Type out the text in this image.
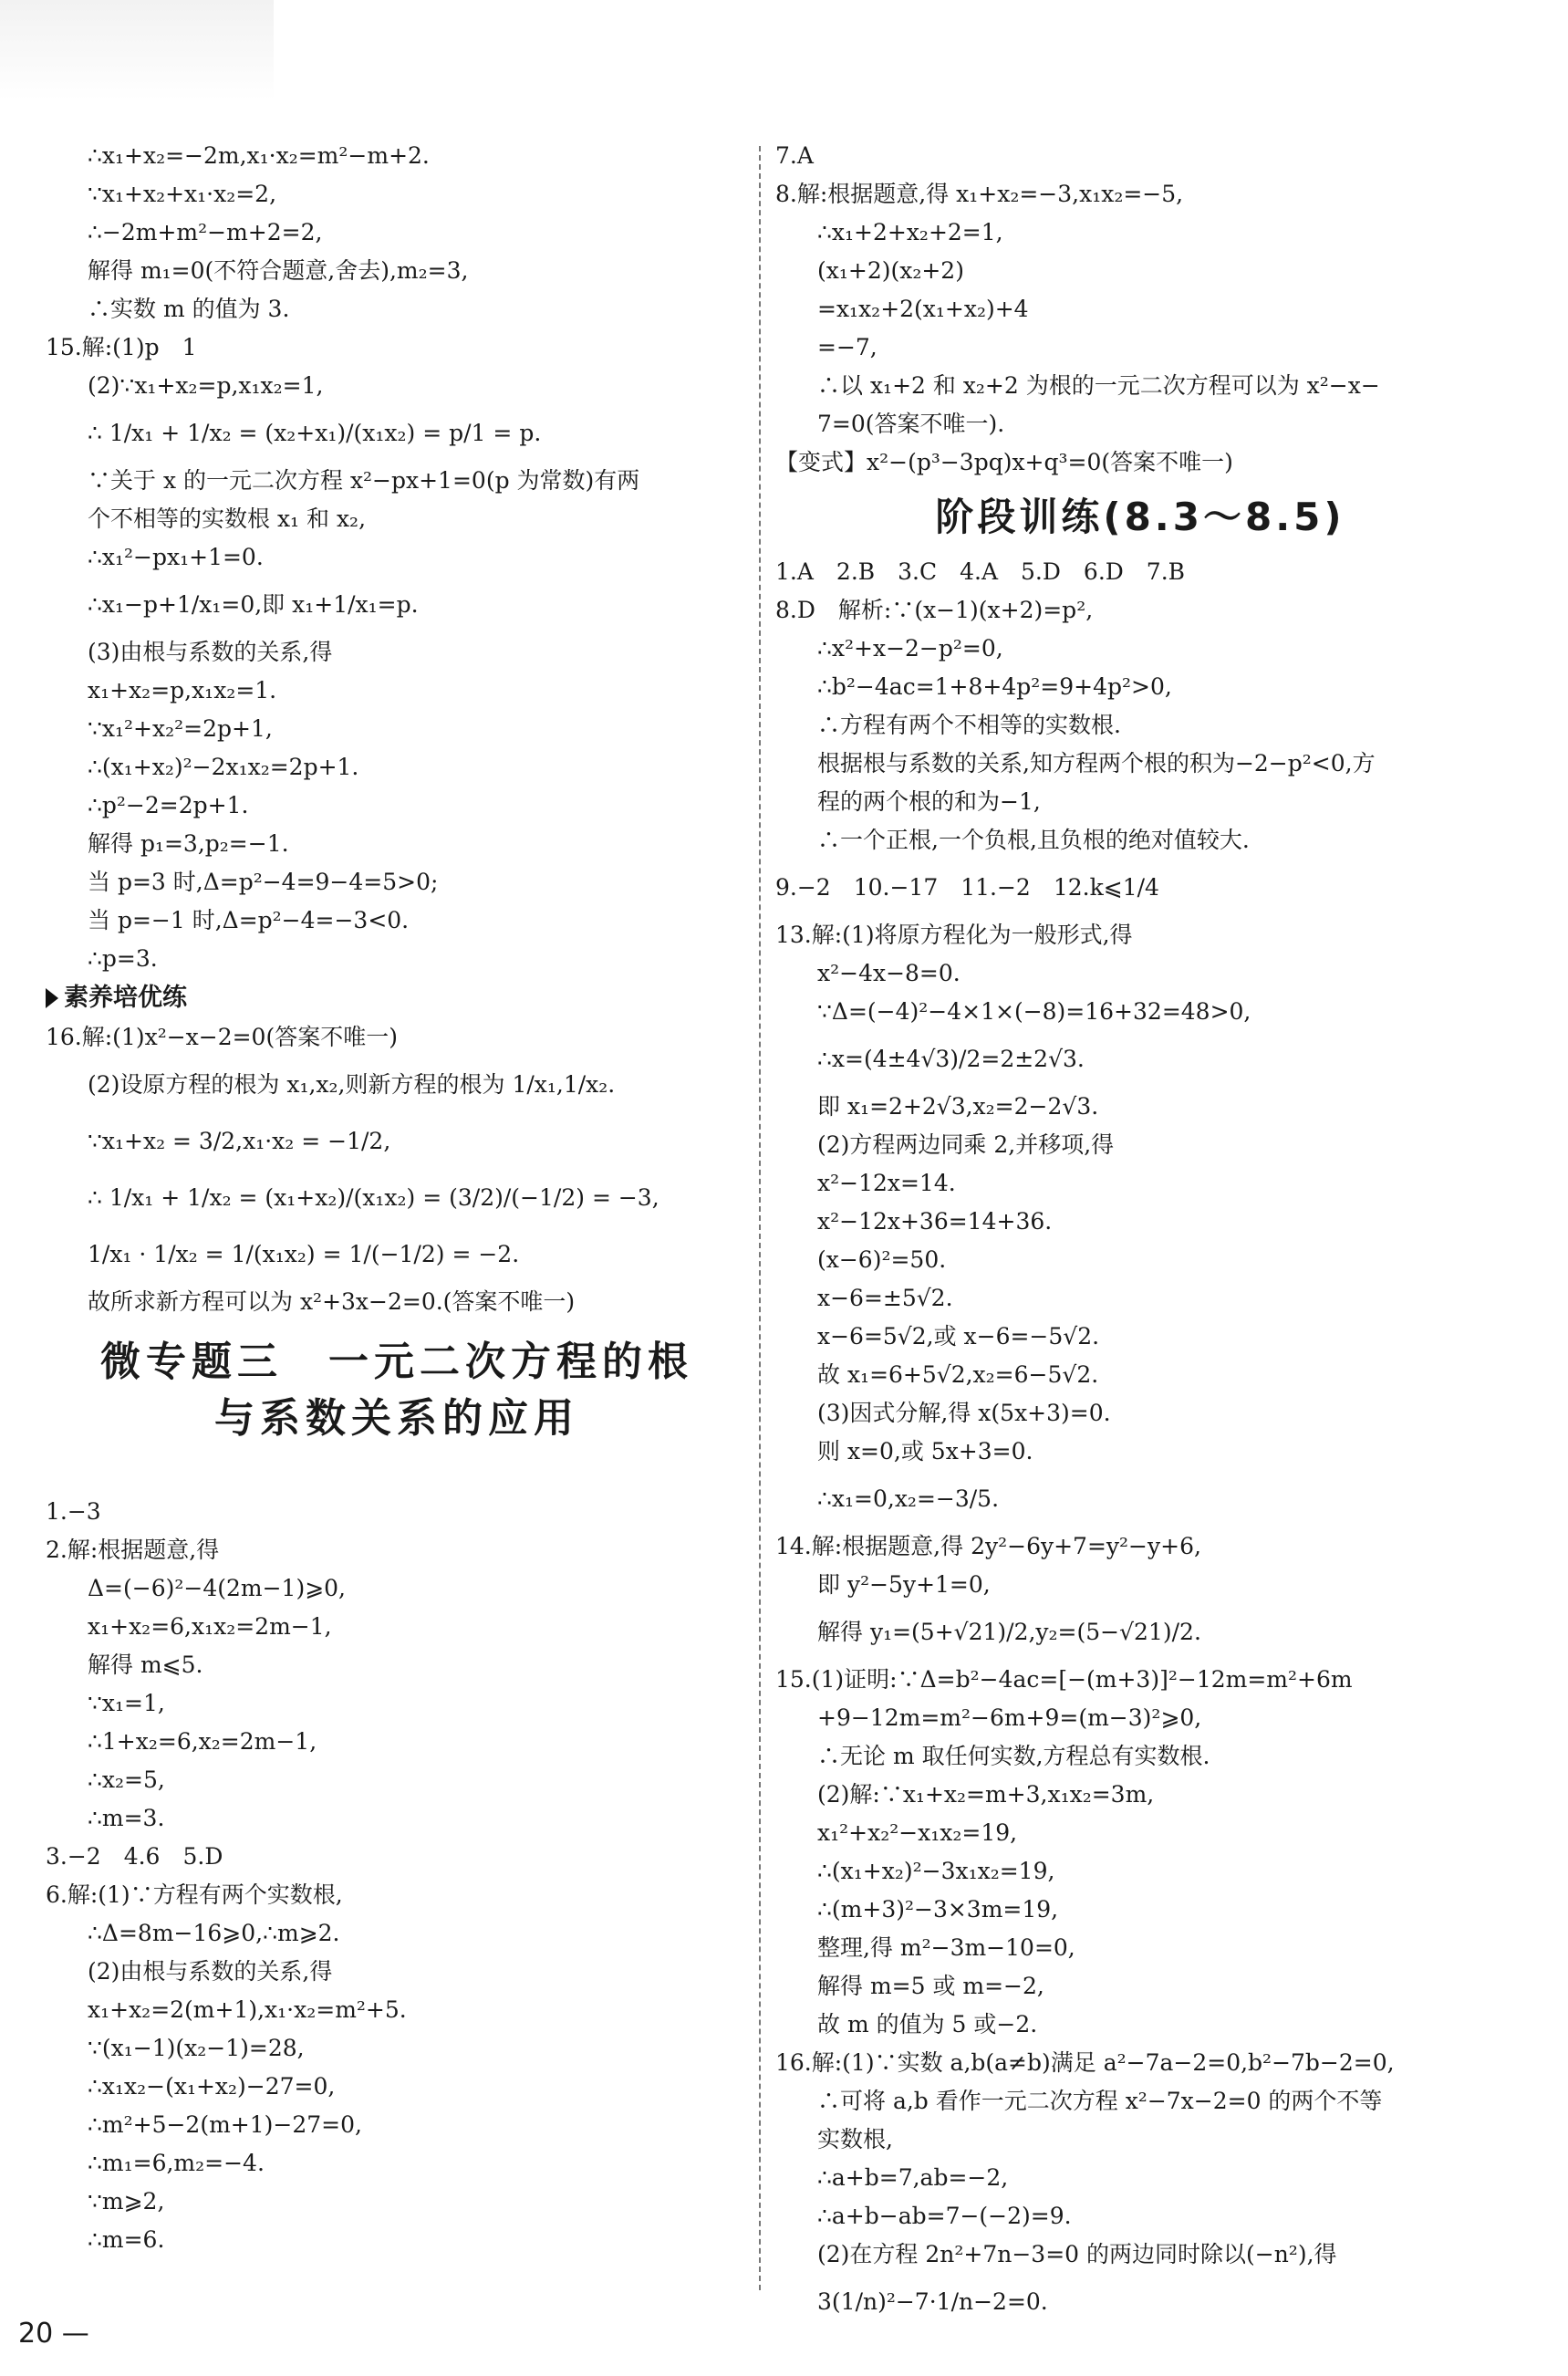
∴x₁+x₂=−2m,x₁·x₂=m²−m+2.

∵x₁+x₂+x₁·x₂=2,

∴−2m+m²−m+2=2,

解得 m₁=0(不符合题意,舍去),m₂=3,

∴实数 m 的值为 3.

15.解:(1)p　1

(2)∵x₁+x₂=p,x₁x₂=1,

∴ 1/x₁ + 1/x₂ = (x₂+x₁)/(x₁x₂) = p/1 = p.

∵关于 x 的一元二次方程 x²−px+1=0(p 为常数)有两

个不相等的实数根 x₁ 和 x₂,

∴x₁²−px₁+1=0.

∴x₁−p+1/x₁=0,即 x₁+1/x₁=p.

(3)由根与系数的关系,得

x₁+x₂=p,x₁x₂=1.

∵x₁²+x₂²=2p+1,

∴(x₁+x₂)²−2x₁x₂=2p+1.

∴p²−2=2p+1.

解得 p₁=3,p₂=−1.

当 p=3 时,Δ=p²−4=9−4=5>0;

当 p=−1 时,Δ=p²−4=−3<0.

∴p=3.

素养培优练

16.解:(1)x²−x−2=0(答案不唯一)

(2)设原方程的根为 x₁,x₂,则新方程的根为 1/x₁,1/x₂.

∵x₁+x₂ = 3/2,x₁·x₂ = −1/2,

∴ 1/x₁ + 1/x₂ = (x₁+x₂)/(x₁x₂) = (3/2)/(−1/2) = −3,

1/x₁ · 1/x₂ = 1/(x₁x₂) = 1/(−1/2) = −2.

故所求新方程可以为 x²+3x−2=0.(答案不唯一)

微专题三　一元二次方程的根
与系数关系的应用

1.−3

2.解:根据题意,得

Δ=(−6)²−4(2m−1)⩾0,

x₁+x₂=6,x₁x₂=2m−1,

解得 m⩽5.

∵x₁=1,

∴1+x₂=6,x₂=2m−1,

∴x₂=5,

∴m=3.

3.−2　4.6　5.D

6.解:(1)∵方程有两个实数根,

∴Δ=8m−16⩾0,∴m⩾2.

(2)由根与系数的关系,得

x₁+x₂=2(m+1),x₁·x₂=m²+5.

∵(x₁−1)(x₂−1)=28,

∴x₁x₂−(x₁+x₂)−27=0,

∴m²+5−2(m+1)−27=0,

∴m₁=6,m₂=−4.

∵m⩾2,

∴m=6.

7.A

8.解:根据题意,得 x₁+x₂=−3,x₁x₂=−5,

∴x₁+2+x₂+2=1,

(x₁+2)(x₂+2)

=x₁x₂+2(x₁+x₂)+4

=−7,

∴以 x₁+2 和 x₂+2 为根的一元二次方程可以为 x²−x−

7=0(答案不唯一).

【变式】x²−(p³−3pq)x+q³=0(答案不唯一)

阶段训练(8.3～8.5)

1.A　2.B　3.C　4.A　5.D　6.D　7.B

8.D　解析:∵(x−1)(x+2)=p²,

∴x²+x−2−p²=0,

∴b²−4ac=1+8+4p²=9+4p²>0,

∴方程有两个不相等的实数根.

根据根与系数的关系,知方程两个根的积为−2−p²<0,方

程的两个根的和为−1,

∴一个正根,一个负根,且负根的绝对值较大.

9.−2　10.−17　11.−2　12.k⩽1/4

13.解:(1)将原方程化为一般形式,得

x²−4x−8=0.

∵Δ=(−4)²−4×1×(−8)=16+32=48>0,

∴x=(4±4√3)/2=2±2√3.

即 x₁=2+2√3,x₂=2−2√3.

(2)方程两边同乘 2,并移项,得

x²−12x=14.

x²−12x+36=14+36.

(x−6)²=50.

x−6=±5√2.

x−6=5√2,或 x−6=−5√2.

故 x₁=6+5√2,x₂=6−5√2.

(3)因式分解,得 x(5x+3)=0.

则 x=0,或 5x+3=0.

∴x₁=0,x₂=−3/5.

14.解:根据题意,得 2y²−6y+7=y²−y+6,

即 y²−5y+1=0,

解得 y₁=(5+√21)/2,y₂=(5−√21)/2.

15.(1)证明:∵Δ=b²−4ac=[−(m+3)]²−12m=m²+6m

+9−12m=m²−6m+9=(m−3)²⩾0,

∴无论 m 取任何实数,方程总有实数根.

(2)解:∵x₁+x₂=m+3,x₁x₂=3m,

x₁²+x₂²−x₁x₂=19,

∴(x₁+x₂)²−3x₁x₂=19,

∴(m+3)²−3×3m=19,

整理,得 m²−3m−10=0,

解得 m=5 或 m=−2,

故 m 的值为 5 或−2.

16.解:(1)∵实数 a,b(a≠b)满足 a²−7a−2=0,b²−7b−2=0,

∴可将 a,b 看作一元二次方程 x²−7x−2=0 的两个不等

实数根,

∴a+b=7,ab=−2,

∴a+b−ab=7−(−2)=9.

(2)在方程 2n²+7n−3=0 的两边同时除以(−n²),得

3(1/n)²−7·1/n−2=0.

20 —
